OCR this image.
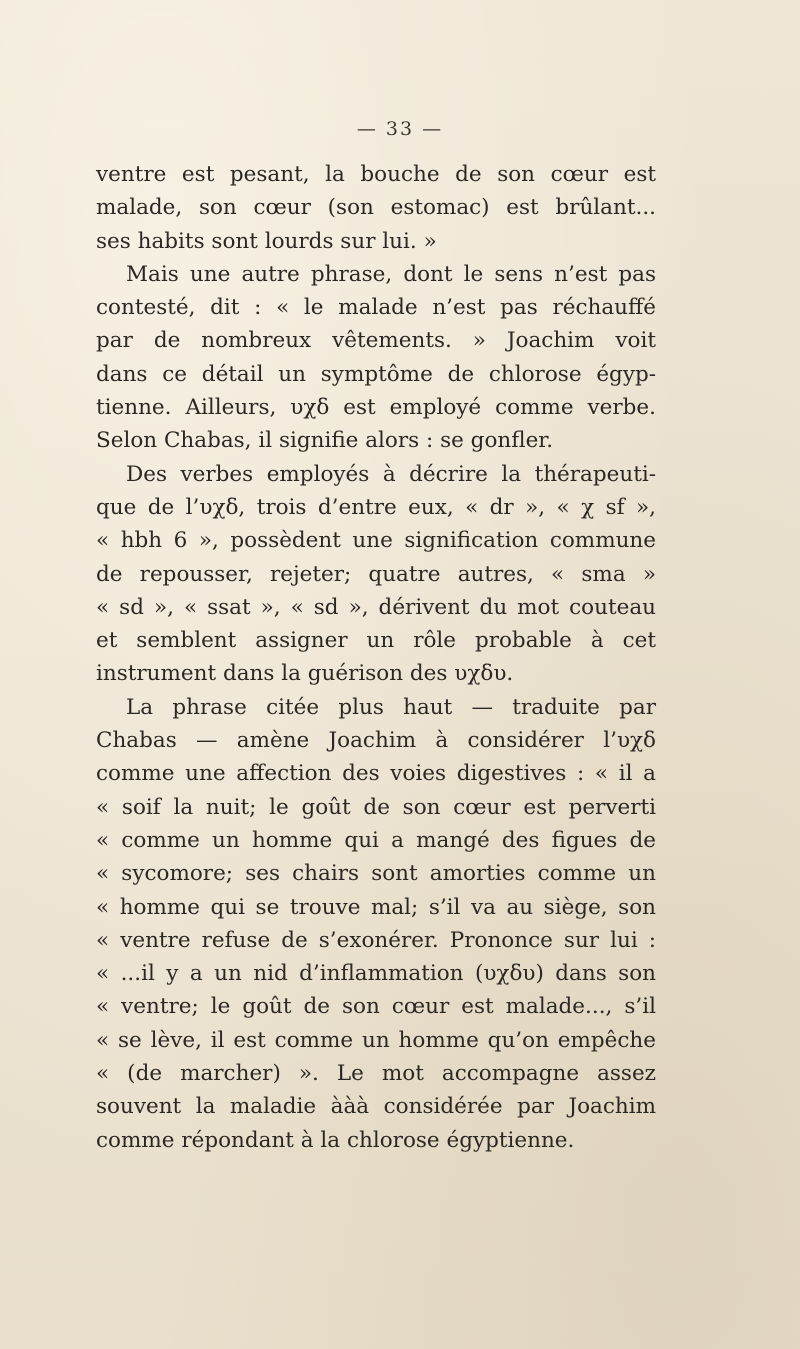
— 33 —
ventre est pesant, la bouche de son cœur est
malade, son cœur (son estomac) est brûlant...
ses habits sont lourds sur lui. »
Mais une autre phrase, dont le sens n’est pas
contesté, dit : « le malade n’est pas réchauffé
par de nombreux vêtements. » Joachim voit
dans ce détail un symptôme de chlorose égyp-
tienne. Ailleurs, υχδ est employé comme verbe.
Selon Chabas, il signifie alors : se gonfler.
Des verbes employés à décrire la thérapeuti-
que de l’υχδ, trois d’entre eux, « dr », « χ sf »,
« hbh 6 », possèdent une signification commune
de repousser, rejeter; quatre autres, « sma »
« sd », « ssat », « sd », dérivent du mot couteau
et semblent assigner un rôle probable à cet
instrument dans la guérison des υχδυ.
La phrase citée plus haut — traduite par
Chabas — amène Joachim à considérer l’υχδ
comme une affection des voies digestives : « il a
« soif la nuit; le goût de son cœur est perverti
« comme un homme qui a mangé des figues de
« sycomore; ses chairs sont amorties comme un
« homme qui se trouve mal; s’il va au siège, son
« ventre refuse de s’exonérer. Prononce sur lui :
« ...il y a un nid d’inflammation (υχδυ) dans son
« ventre; le goût de son cœur est malade..., s’il
« se lève, il est comme un homme qu’on empêche
« (de marcher) ». Le mot accompagne assez
souvent la maladie ààà considérée par Joachim
comme répondant à la chlorose égyptienne.
